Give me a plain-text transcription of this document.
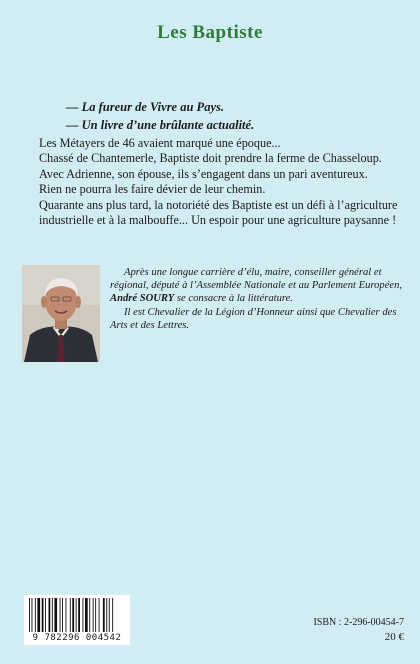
Les Baptiste
— La fureur de Vivre au Pays.
— Un livre d’une brûlante actualité.

Les Métayers de 46 avaient marqué une époque...

Chassé de Chantemerle, Baptiste doit prendre la ferme de Chasseloup.

Avec Adrienne, son épouse, ils s’engagent dans un pari aventureux.

Rien ne pourra les faire dévier de leur chemin.

Quarante ans plus tard, la notoriété des Baptiste est un défi à l’agriculture industrielle et à la malbouffe... Un espoir pour une agriculture paysanne !

Après une longue carrière d’élu, maire, conseiller général et régional, député à l’Assemblée Nationale et au Parlement Européen, André SOURY se consacre à la littérature.

Il est Chevalier de la Légion d’Honneur ainsi que Chevalier des Arts et des Lettres.

9 782296 004542
ISBN : 2-296-00454-7
20 €
